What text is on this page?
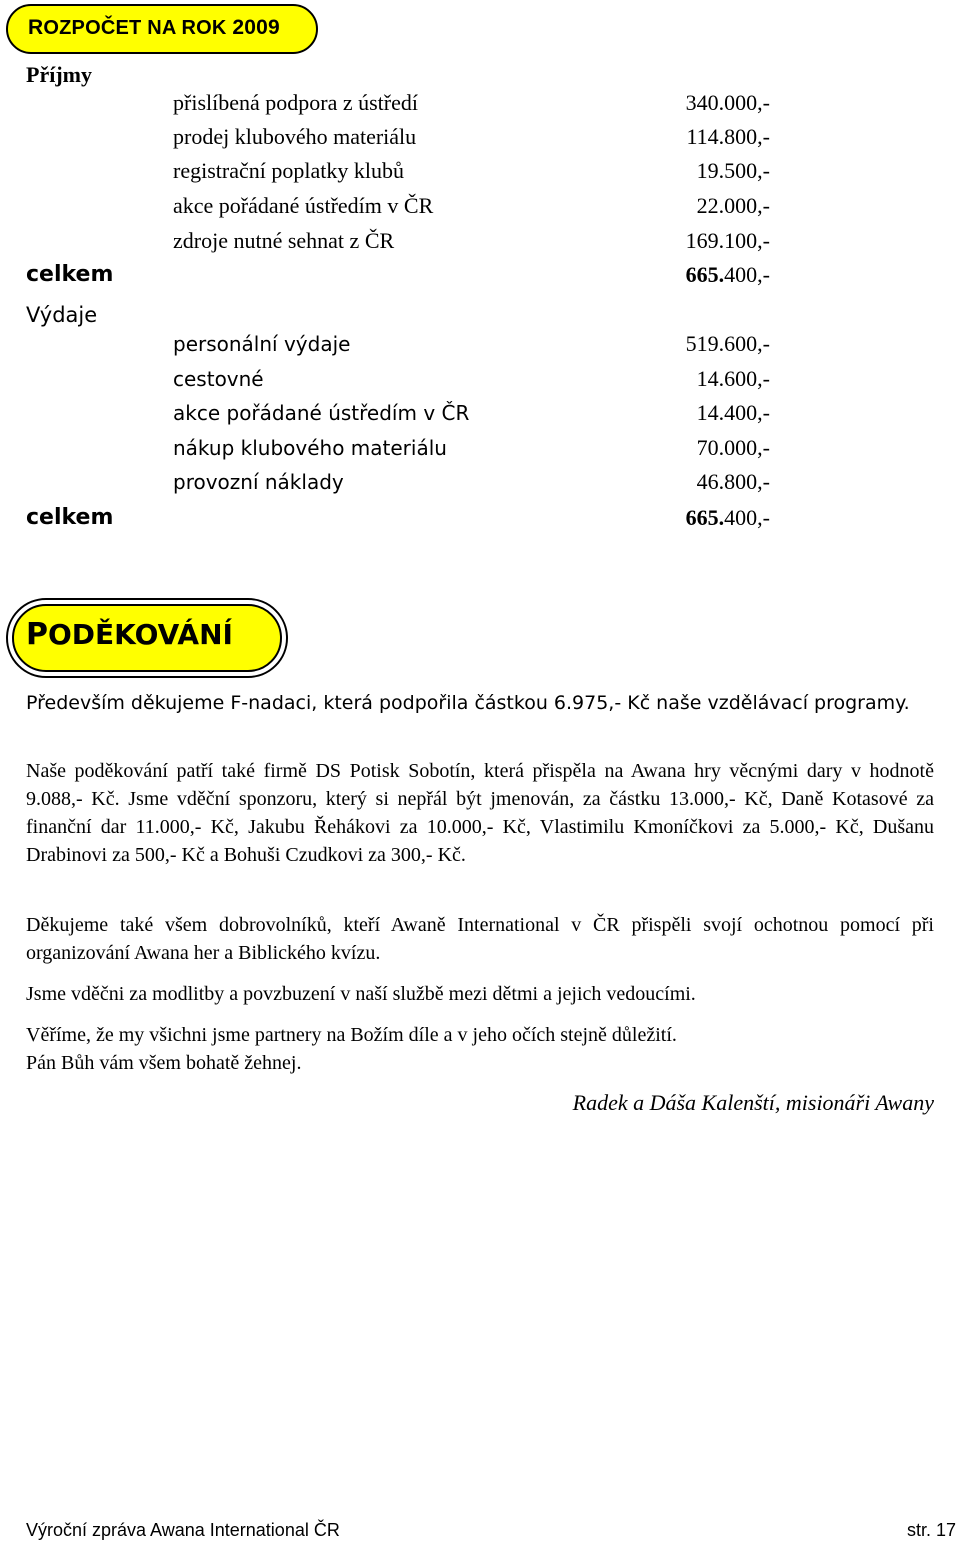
ROZPOČET NA ROK 2009
Příjmy
přislíbená podpora z ústředí	340.000,-
prodej klubového materiálu	114.800,-
registrační poplatky klubů	19.500,-
akce pořádané ústředím v ČR	22.000,-
zdroje nutné sehnat z ČR	169.100,-
celkem	665.400,-
Výdaje
personální výdaje	519.600,-
cestovné	14.600,-
akce pořádané ústředím v ČR	14.400,-
nákup klubového materiálu	70.000,-
provozní náklady	46.800,-
celkem	665.400,-
PODĚKOVÁNÍ
Především děkujeme F-nadaci, která podpořila částkou 6.975,- Kč naše vzdělávací programy.
Naše poděkování patří také firmě DS Potisk Sobotín, která přispěla na Awana hry věcnými dary v hodnotě 9.088,- Kč. Jsme vděční sponzoru, který si nepřál být jmenován, za částku 13.000,- Kč, Daně Kotasové za finanční dar 11.000,- Kč, Jakubu Řehákovi za 10.000,- Kč, Vlastimilu Kmoníčkovi za 5.000,- Kč, Dušanu Drabinovi za 500,- Kč a Bohuši Czudkovi za 300,- Kč.
Děkujeme také všem dobrovolníků, kteří Awaně International v ČR přispěli svojí ochotnou pomocí při organizování Awana her a Biblického kvízu.
Jsme vděčni za modlitby a povzbuzení v naší službě mezi dětmi a jejich vedoucími.
Věříme, že my všichni jsme partnery na Božím díle a v jeho očích stejně důležití.
Pán Bůh vám všem bohatě žehnej.
Radek a Dáša Kalenští, misionáři Awany
Výroční zpráva Awana International ČR	str. 17
